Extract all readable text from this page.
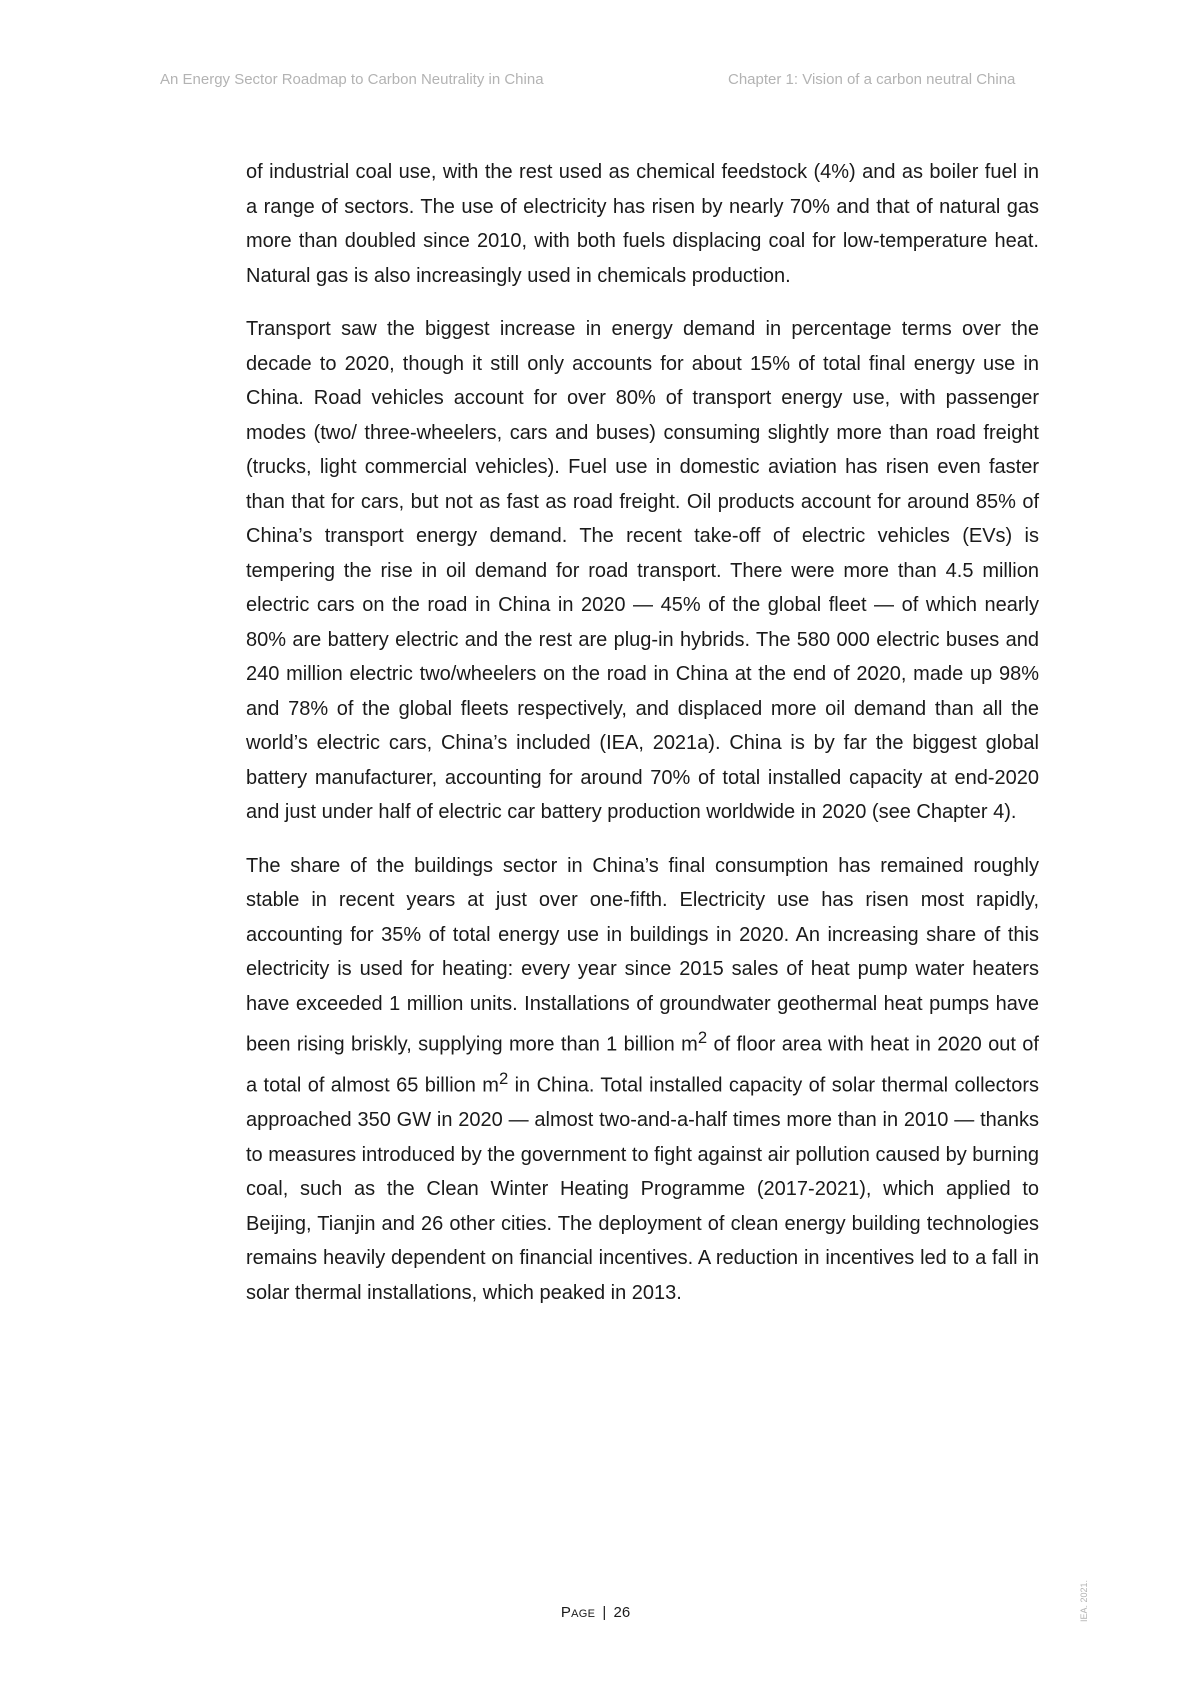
An Energy Sector Roadmap to Carbon Neutrality in China	Chapter 1: Vision of a carbon neutral China

of industrial coal use, with the rest used as chemical feedstock (4%) and as boiler fuel in a range of sectors. The use of electricity has risen by nearly 70% and that of natural gas more than doubled since 2010, with both fuels displacing coal for low-temperature heat. Natural gas is also increasingly used in chemicals production.

Transport saw the biggest increase in energy demand in percentage terms over the decade to 2020, though it still only accounts for about 15% of total final energy use in China. Road vehicles account for over 80% of transport energy use, with passenger modes (two/ three-wheelers, cars and buses) consuming slightly more than road freight (trucks, light commercial vehicles). Fuel use in domestic aviation has risen even faster than that for cars, but not as fast as road freight. Oil products account for around 85% of China’s transport energy demand. The recent take-off of electric vehicles (EVs) is tempering the rise in oil demand for road transport. There were more than 4.5 million electric cars on the road in China in 2020 — 45% of the global fleet — of which nearly 80% are battery electric and the rest are plug-in hybrids. The 580 000 electric buses and 240 million electric two/wheelers on the road in China at the end of 2020, made up 98% and 78% of the global fleets respectively, and displaced more oil demand than all the world’s electric cars, China’s included (IEA, 2021a). China is by far the biggest global battery manufacturer, accounting for around 70% of total installed capacity at end-2020 and just under half of electric car battery production worldwide in 2020 (see Chapter 4).

The share of the buildings sector in China’s final consumption has remained roughly stable in recent years at just over one-fifth. Electricity use has risen most rapidly, accounting for 35% of total energy use in buildings in 2020. An increasing share of this electricity is used for heating: every year since 2015 sales of heat pump water heaters have exceeded 1 million units. Installations of groundwater geothermal heat pumps have been rising briskly, supplying more than 1 billion $m^2$ of floor area with heat in 2020 out of a total of almost 65 billion $m^2$ in China. Total installed capacity of solar thermal collectors approached 350 GW in 2020 — almost two-and-a-half times more than in 2010 — thanks to measures introduced by the government to fight against air pollution caused by burning coal, such as the Clean Winter Heating Programme (2017-2021), which applied to Beijing, Tianjin and 26 other cities. The deployment of clean energy building technologies remains heavily dependent on financial incentives. A reduction in incentives led to a fall in solar thermal installations, which peaked in 2013.

Page | 26	IEA. 2021.
